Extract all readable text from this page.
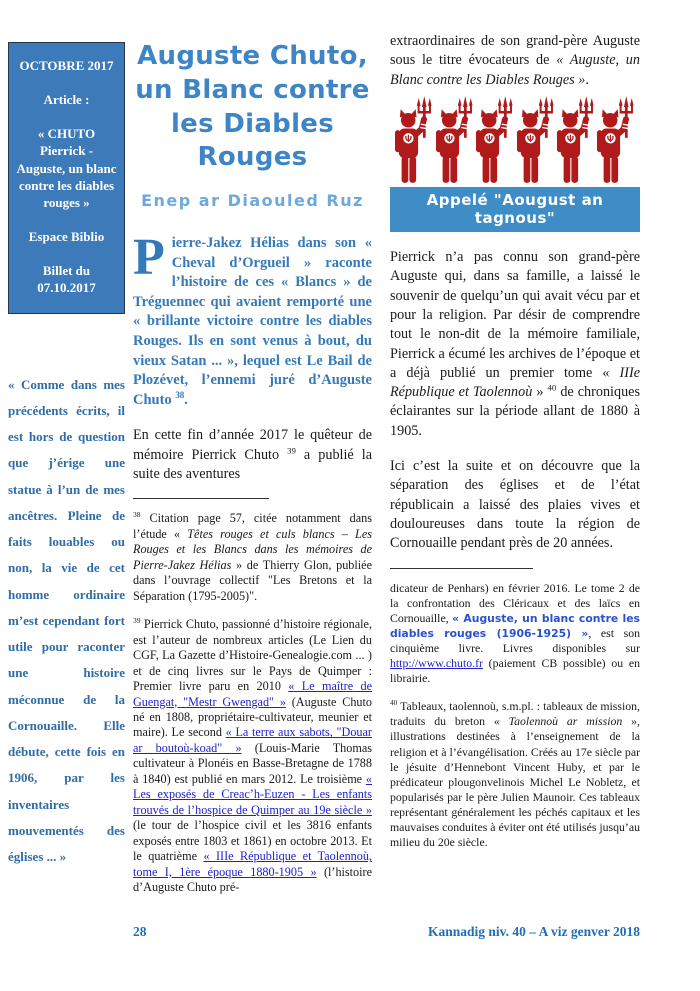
OCTOBRE 2017
Article :
« CHUTO Pierrick - Auguste, un blanc contre les diables rouges »
Espace Biblio
Billet du 07.10.2017
« Comme dans mes précédents écrits, il est hors de question que j’érige une statue à l’un de mes ancêtres. Pleine de faits louables ou non, la vie de cet homme ordinaire m’est cependant fort utile pour raconter une histoire méconnue de la Cornouaille. Elle débute, cette fois en 1906, par les inventaires mouvementés des églises ... »
Auguste Chuto, un Blanc contre les Diables Rouges
Enep ar Diaouled Ruz

Pierre-Jakez Hélias dans son « Cheval d’Orgueil » raconte l’histoire de ces « Blancs » de Tréguennec qui avaient remporté une « brillante victoire contre les diables Rouges. Ils en sont venus à bout, du vieux Satan ... », lequel est Le Bail de Plozévet, l’ennemi juré d’Auguste Chuto $^{38}$.

En cette fin d’année 2017 le quêteur de mémoire Pierrick Chuto $^{39}$ a publié la suite des aventures

$^{38}$ Citation page 57, citée notamment dans l’étude « Têtes rouges et culs blancs – Les Rouges et les Blancs dans les mémoires de Pierre-Jakez Hélias » de Thierry Glon, publiée dans l’ouvrage collectif "Les Bretons et la Séparation (1795-2005)".

$^{39}$ Pierrick Chuto, passionné d’histoire régionale, est l’auteur de nombreux articles (Le Lien du CGF, La Gazette d’Histoire-Genealogie.com ... ) et de cinq livres sur le Pays de Quimper : Premier livre paru en 2010 « Le maître de Guengat, "Mestr Gwengad" » (Auguste Chuto né en 1808, propriétaire-cultivateur, meunier et maire). Le second « La terre aux sabots, "Douar ar boutoù-koad" » (Louis-Marie Thomas cultivateur à Plonéis en Basse-Bretagne de 1788 à 1840) est publié en mars 2012. Le troisième « Les exposés de Creac’h-Euzen - Les enfants trouvés de l’hospice de Quimper au 19e siècle » (le tour de l’hospice civil et les 3816 enfants exposés entre 1803 et 1861) en octobre 2013. Et le quatrième « IIIe République et Taolennoù, tome I, 1ère époque 1880-1905 » (l’histoire d’Auguste Chuto pré-

extraordinaires de son grand-père Auguste sous le titre évocateurs de « Auguste, un Blanc contre les Diables Rouges ».

Appelé "Aougust an tagnous"

Pierrick n’a pas connu son grand-père Auguste qui, dans sa famille, a laissé le souvenir de quelqu’un qui avait vécu par et pour la religion. Par désir de comprendre tout le non-dit de la mémoire familiale, Pierrick a écumé les archives de l’époque et a déjà publié un premier tome « IIIe République et Taolennoù » $^{40}$ de chroniques éclairantes sur la période allant de 1880 à 1905.

Ici c’est la suite et on découvre que la séparation des églises et de l’état républicain a laissé des plaies vives et douloureuses dans toute la région de Cornouaille pendant près de 20 années.

dicateur de Penhars) en février 2016. Le tome 2 de la confrontation des Cléricaux et des laïcs en Cornouaille, « Auguste, un blanc contre les diables rouges (1906-1925) », est son cinquième livre. Livres disponibles sur http://www.chuto.fr (paiement CB possible) ou en librairie.

$^{40}$ Tableaux, taolennoù, s.m.pl. : tableaux de mission, traduits du breton « Taolennoù ar mission », illustrations destinées à l’enseignement de la religion et à l’évangélisation. Créés au 17e siècle par le jésuite d’Hennebont Vincent Huby, et par le prédicateur plougonvelinois Michel Le Nobletz, et popularisés par le père Julien Maunoir. Ces tableaux représentant généralement les péchés capitaux et les mauvaises conduites à éviter ont été utilisés jusqu’au milieu du 20e siècle.

28	Kannadig niv. 40 – A viz genver 2018
